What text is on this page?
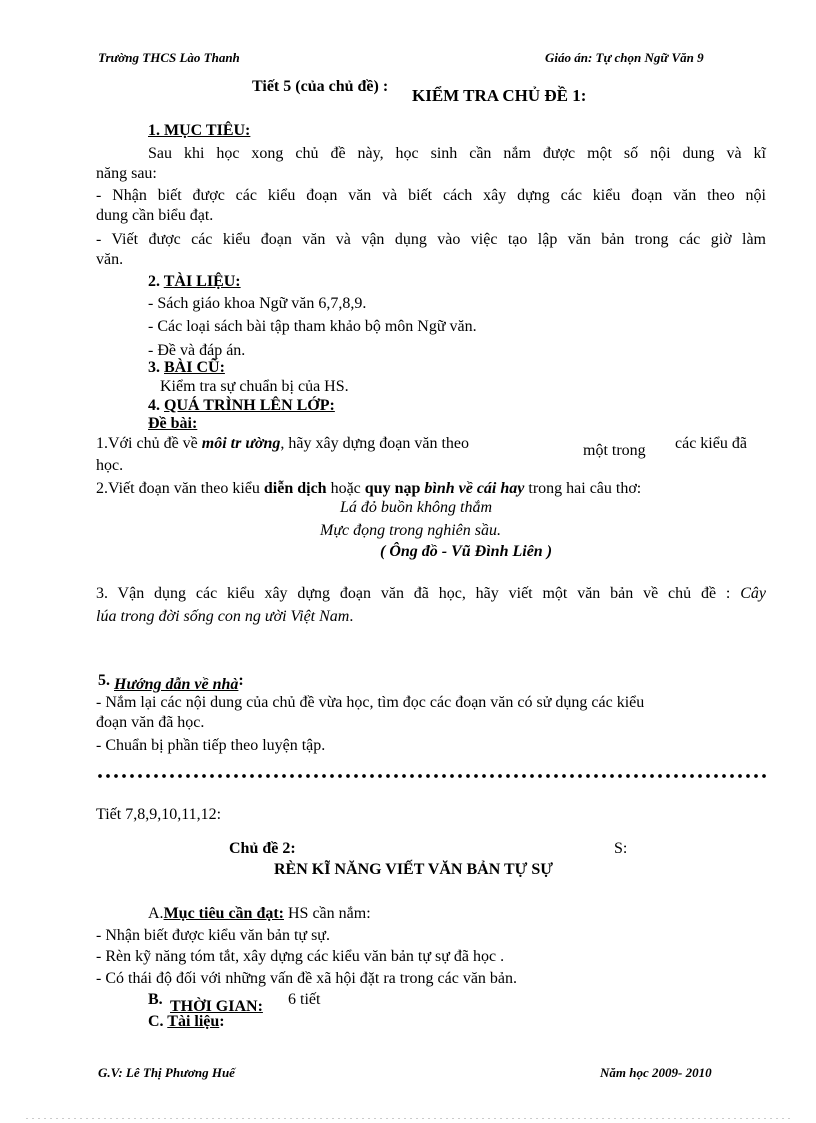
Trường THCS Lào Thanh	Giáo án: Tự chọn Ngữ Văn 9
Tiết 5 (của chủ đề) : KIỂM TRA CHỦ ĐỀ 1:
1. MỤC TIÊU:
Sau khi học xong chủ đề này, học sinh cần nắm được một số nội dung và kĩ
năng sau:
- Nhận biết được các kiểu đoạn văn và biết cách xây dựng các kiểu đoạn văn theo nội
dung cần biểu đạt.
- Viết được các kiểu đoạn văn và vận dụng vào việc tạo lập văn bản trong các giờ làm
văn.
2. TÀI LIỆU:
- Sách giáo khoa Ngữ văn 6,7,8,9.
- Các loại sách bài tập tham khảo bộ môn Ngữ văn.
- Đề và đáp án.
3. BÀI CŨ:
Kiểm tra sự chuẩn bị của HS.
4. QUÁ TRÌNH LÊN LỚP:
Đề bài:
1.Với chủ đề về môi tr ường, hãy xây dựng đoạn văn theo	một trong các kiểu đã
học.
2.Viết đoạn văn theo kiểu diễn dịch hoặc quy nạp bình về cái hay trong hai câu thơ:
Lá đỏ buồn không thắm
Mực đọng trong nghiên sầu.
( Ông đồ - Vũ Đình Liên )
3. Vận dụng các kiểu xây dựng đoạn văn đã học, hãy viết một văn bản về chủ đề : Cây
lúa trong đời sống con ng ười Việt Nam.
5. Hướng dẫn về nhà:
- Nắm lại các nội dung của chủ đề vừa học, tìm đọc các đoạn văn có sử dụng các kiểu
đoạn văn đã học.
- Chuẩn bị phần tiếp theo luyện tập.
Tiết 7,8,9,10,11,12:
Chủ đề 2:	S:
RÈN KĨ NĂNG VIẾT VĂN BẢN TỰ SỰ
A.Mục tiêu cần đạt: HS cần nắm:
- Nhận biết được kiểu văn bản tự sự.
- Rèn kỹ năng tóm tắt, xây dựng các kiểu văn bản tự sự đã học .
- Có thái độ đối với những vấn đề xã hội đặt ra trong các văn bản.
B. THỜI GIAN: 6 tiết
C. Tài liệu:
G.V: Lê Thị Phương Huế	Năm học 2009- 2010
